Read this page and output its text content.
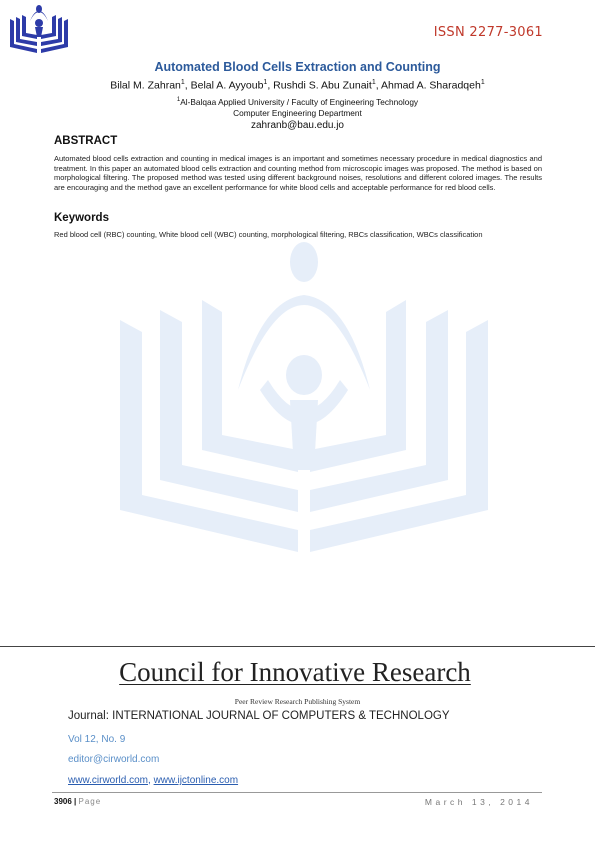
ISSN 2277-3061
Automated Blood Cells Extraction and Counting
Bilal M. Zahran$^1$, Belal A. Ayyoub$^1$, Rushdi S. Abu Zunait$^1$, Ahmad A. Sharadqeh$^1$
$^1$Al-Balqaa Applied University / Faculty of Engineering Technology
Computer Engineering Department
zahranb@bau.edu.jo
ABSTRACT
Automated blood cells extraction and counting in medical images is an important and sometimes necessary procedure in medical diagnostics and treatment. In this paper an automated blood cells extraction and counting method from microscopic images was proposed. The method is based on morphological filtering. The proposed method was tested using different background noises, resolutions and different colored images. The results are encouraging and the method gave an excellent performance for white blood cells and acceptable performance for red blood cells.
Keywords
Red blood cell (RBC) counting, White blood cell (WBC) counting, morphological filtering, RBCs classification, WBCs classification
Council for Innovative Research
Peer Review Research Publishing System
Journal: INTERNATIONAL JOURNAL OF COMPUTERS & TECHNOLOGY
Vol 12, No. 9
editor@cirworld.com
www.cirworld.com, www.ijctonline.com
3906 | Page	March 13, 2014
